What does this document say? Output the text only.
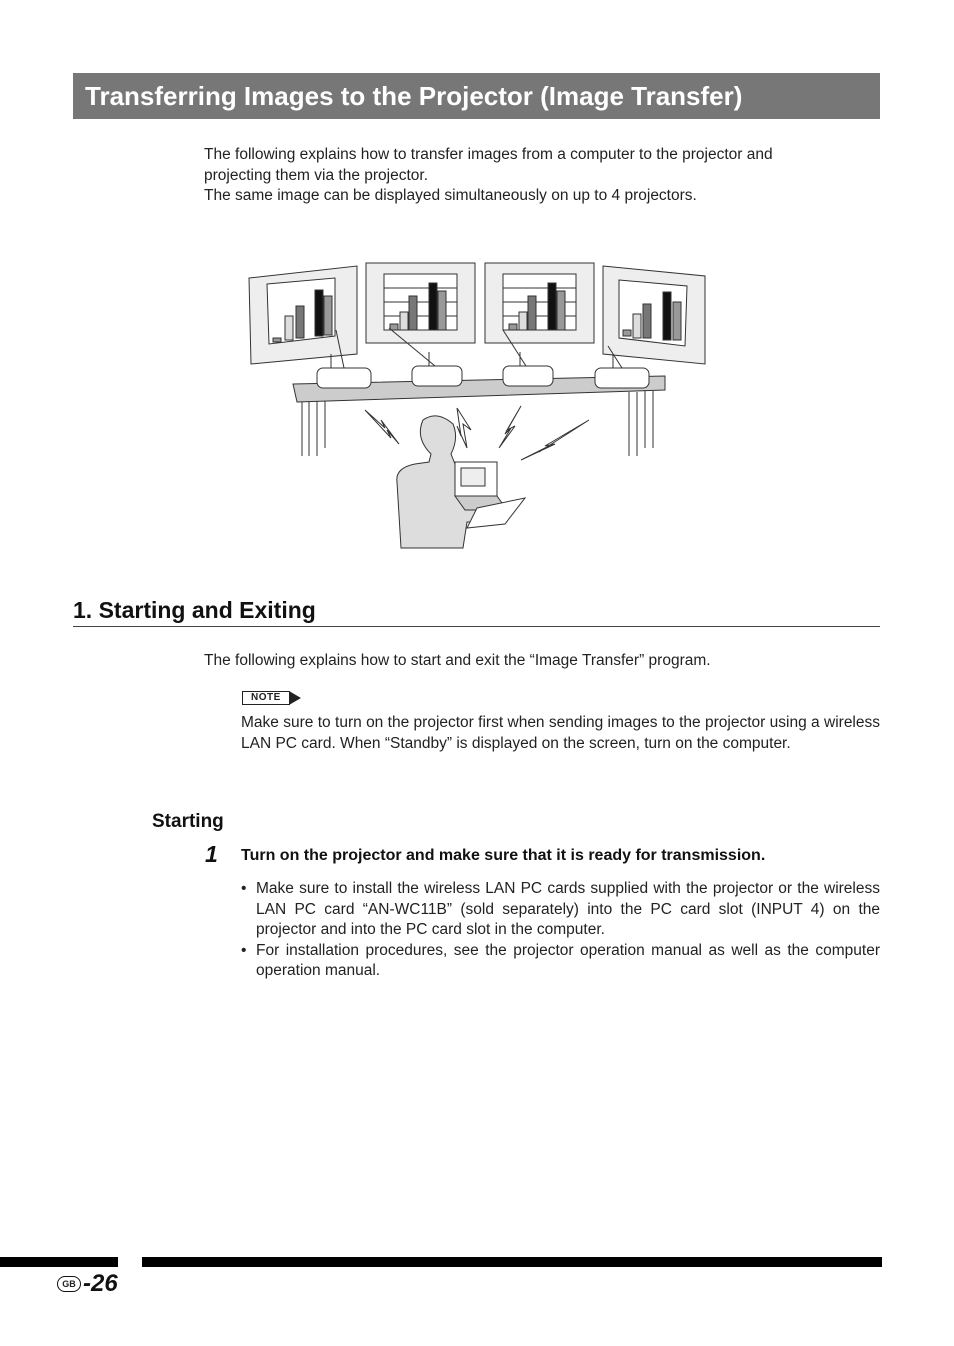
Transferring Images to the Projector (Image Transfer)

The following explains how to transfer images from a computer to the projector and projecting them via the projector.

The same image can be displayed simultaneously on up to 4 projectors.

1. Starting and Exiting

The following explains how to start and exit the “Image Transfer” program.

NOTE

Make sure to turn on the projector first when sending images to the projector using a wireless LAN PC card. When “Standby” is displayed on the screen, turn on the computer.

Starting
1 Turn on the projector and make sure that it is ready for transmission.

• Make sure to install the wireless LAN PC cards supplied with the projector or the wireless LAN PC card “AN-WC11B” (sold separately) into the PC card slot (INPUT 4) on the projector and into the PC card slot in the computer.
• For installation procedures, see the projector operation manual as well as the computer operation manual.
GB -26
